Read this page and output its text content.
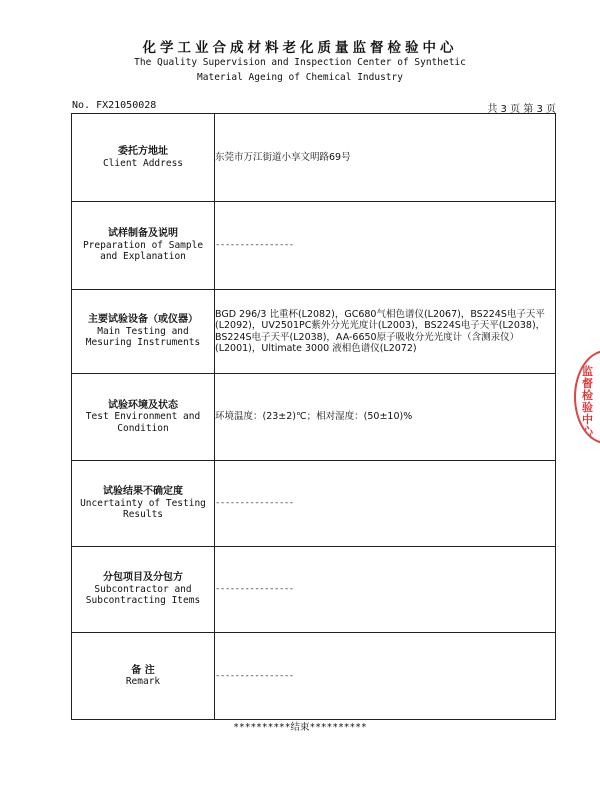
化学工业合成材料老化质量监督检验中心
The Quality Supervision and Inspection Center of Synthetic
Material Ageing of Chemical Industry
No. FX21050028	共 3 页 第 3 页
委托方地址
Client Address	东莞市万江街道小享文明路69号

试样制备及说明
Preparation of Sample and Explanation	----------------

主要试验设备（或仪器）
Main Testing and Mesuring Instruments	BGD 296/3 比重杯(L2082)，GC680气相色谱仪(L2067)，BS224S电子天平(L2092)，UV2501PC紫外分光光度计(L2003)，BS224S电子天平(L2038)，BS224S电子天平(L2038)，AA-6650原子吸收分光光度计（含测汞仪）(L2001)，Ultimate 3000 液相色谱仪(L2072)

试验环境及状态
Test Environment and Condition	环境温度：(23±2)℃；相对湿度：(50±10)%

试验结果不确定度
Uncertainty of Testing Results	----------------

分包项目及分包方
Subcontractor and Subcontracting Items	----------------

备 注
Remark	----------------
**********结束**********
监
督
检
验
中
心
